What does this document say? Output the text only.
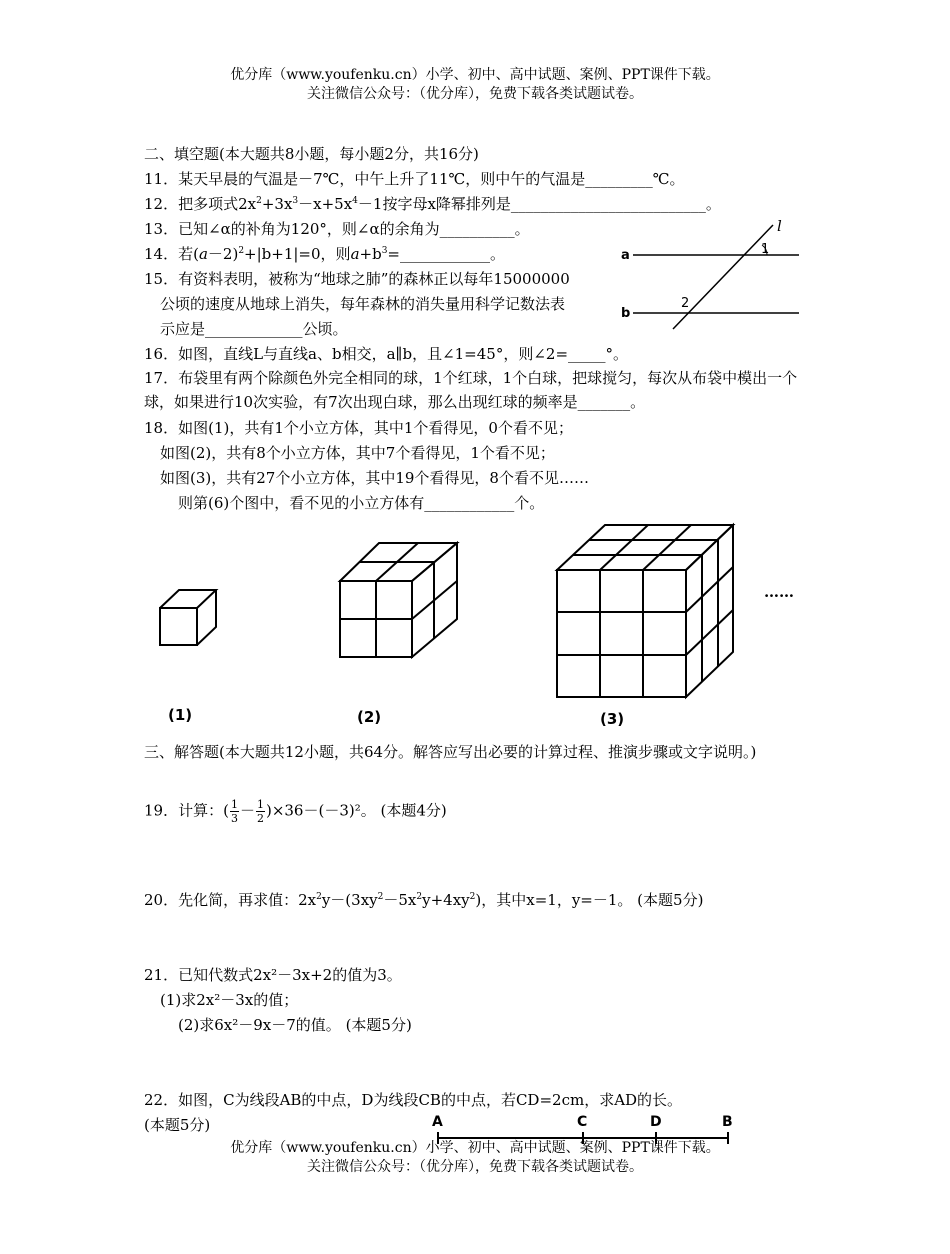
优分库（www.youfenku.cn）小学、初中、高中试题、案例、PPT课件下载。
关注微信公众号：（优分库），免费下载各类试题试卷。
二、填空题(本大题共8小题，每小题2分，共16分)
11．某天早晨的气温是－7℃，中午上升了11℃，则中午的气温是_________℃。
12．把多项式$2x^2+3x^3-x+5x^4-1$按字母x降幂排列是__________________________。
13．已知∠α的补角为120°，则∠α的余角为__________。
14．若$(a-2)^2+|b+1|=0$，则$a+b^3=\_\_\_\_\_\_\_\_\_\_\_\_$。
15．有资料表明，被称为“地球之肺”的森林正以每年15000000
公顷的速度从地球上消失，每年森林的消失量用科学记数法表
示应是_____________公顷。
16．如图，直线L与直线a、b相交，a∥b，且∠1=45°，则∠2=_____°。
17．布袋里有两个除颜色外完全相同的球，1个红球，1个白球，把球搅匀，每次从布袋中模出一个球，如果进行10次实验，有7次出现白球，那么出现红球的频率是_______。
18．如图(1)，共有1个小立方体，其中1个看得见，0个看不见；
如图(2)，共有8个小立方体，其中7个看得见，1个看不见；
如图(3)，共有27个小立方体，其中19个看得见，8个看不见……
则第(6)个图中，看不见的小立方体有____________个。
a
b
l
1
2
(1)	(2)	(3)
……
三、解答题(本大题共12小题，共64分。解答应写出必要的计算过程、推演步骤或文字说明。)
19．计算：( $\frac{1}{3} - \frac{1}{2} )\times 36-(-3)^2$。 (本题4分)
20．先化简，再求值：$2x^2y-(3xy^2-5x^2y+4xy^2)$，其中x=1，y=－1。 (本题5分)
21．已知代数式2x²－3x+2的值为3。
(1)求2x²－3x的值；
(2)求6x²－9x－7的值。 (本题5分)
22．如图，C为线段AB的中点，D为线段CB的中点，若CD=2cm，求AD的长。
(本题5分)	A	C	D	B
优分库（www.youfenku.cn）小学、初中、高中试题、案例、PPT课件下载。
关注微信公众号：（优分库），免费下载各类试题试卷。
